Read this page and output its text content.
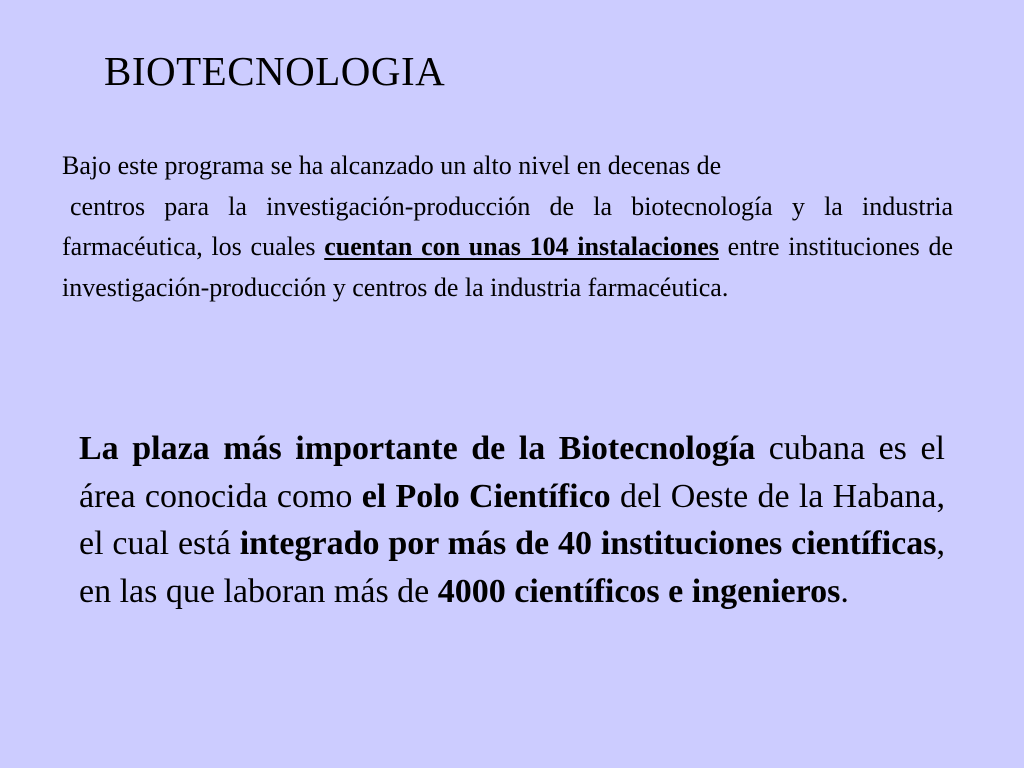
BIOTECNOLOGIA
Bajo este programa se ha alcanzado un alto nivel en decenas de
centros para la investigación-producción de la biotecnología y la industria farmacéutica, los cuales cuentan con unas 104 instalaciones entre instituciones de investigación-producción y centros de la industria farmacéutica.
La plaza más importante de la Biotecnología cubana es el área conocida como el Polo Científico del Oeste de la Habana, el cual está integrado por más de 40 instituciones científicas, en las que laboran más de 4000 científicos e ingenieros.
